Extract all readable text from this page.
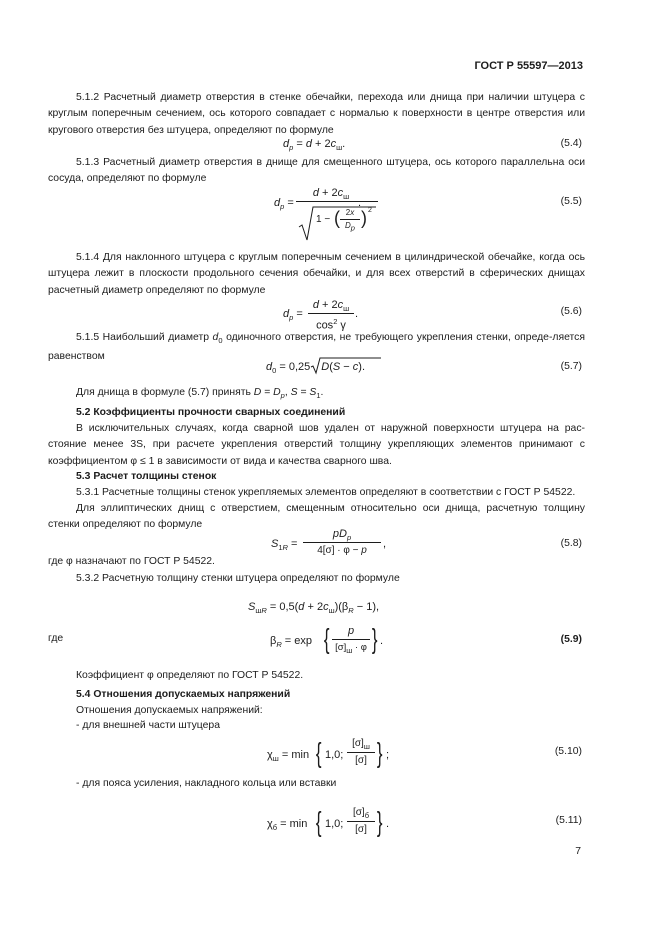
ГОСТ Р 55597—2013
5.1.2 Расчетный диаметр отверстия в стенке обечайки, перехода или днища при наличии штуцера с круглым поперечным сечением, ось которого совпадает с нормалью к поверхности в центре отверстия или кругового отверстия без штуцера, определяют по формуле
$d_p = d + 2c_ш$.	(5.4)
5.1.3 Расчетный диаметр отверстия в днище для смещенного штуцера, ось которого параллельна оси сосуда, определяют по формуле
$d_p$ =
$d + 2c_ш$
.
1 − ( 2x
$D_p$
) 2
(5.5)
5.1.4 Для наклонного штуцера с круглым поперечным сечением в цилиндрической обечайке, когда ось штуцера лежит в плоскости продольного сечения обечайки, и для всех отверстий в сферических днищах расчетный диаметр определяют по формуле
$d_p$ =
$d + 2c_ш$
$\cos^2 \gamma$
.	(5.6)
5.1.5 Наибольший диаметр $d_0$ одиночного отверстия, не требующего укрепления стенки, опреде-ляется равенством
$d_0 = 0,25$ D(S − c).	(5.7)
Для днища в формуле (5.7) принять $D = D_p$, $S = S_1$.
5.2 Коэффициенты прочности сварных соединений
В исключительных случаях, когда сварной шов удален от наружной поверхности штуцера на рас-стояние менее 3S, при расчете укрепления отверстий толщину укрепляющих элементов принимают с коэффициентом φ ≤ 1 в зависимости от вида и качества сварного шва.
5.3 Расчет толщины стенок
5.3.1 Расчетные толщины стенок укрепляемых элементов определяют в соответствии с ГОСТ Р 54522.
Для эллиптических днищ с отверстием, смещенным относительно оси днища, расчетную толщину стенки определяют по формуле
$S_{1R}$ =
$pD_p$
4[σ] · φ − p
,	(5.8)
где φ назначают по ГОСТ Р 54522.
5.3.2 Расчетную толщину стенки штуцера определяют по формуле
$S_{шR} = 0,5(d + 2c_ш)(\beta_R - 1)$,
где	$\beta_R = \exp$ {	p
$[\sigma]_ш \cdot \varphi$ } .	(5.9)
Коэффициент φ определяют по ГОСТ Р 54522.
5.4 Отношения допускаемых напряжений
Отношения допускаемых напряжений:
- для внешней части штуцера
$\chi_ш = \min$ { 1,0;
$[\sigma]_ш$
[σ] } ;	(5.10)
- для пояса усиления, накладного кольца или вставки
$\chi_б = \min$ { 1,0;
$[\sigma]_б$
[σ] } .	(5.11)
7
